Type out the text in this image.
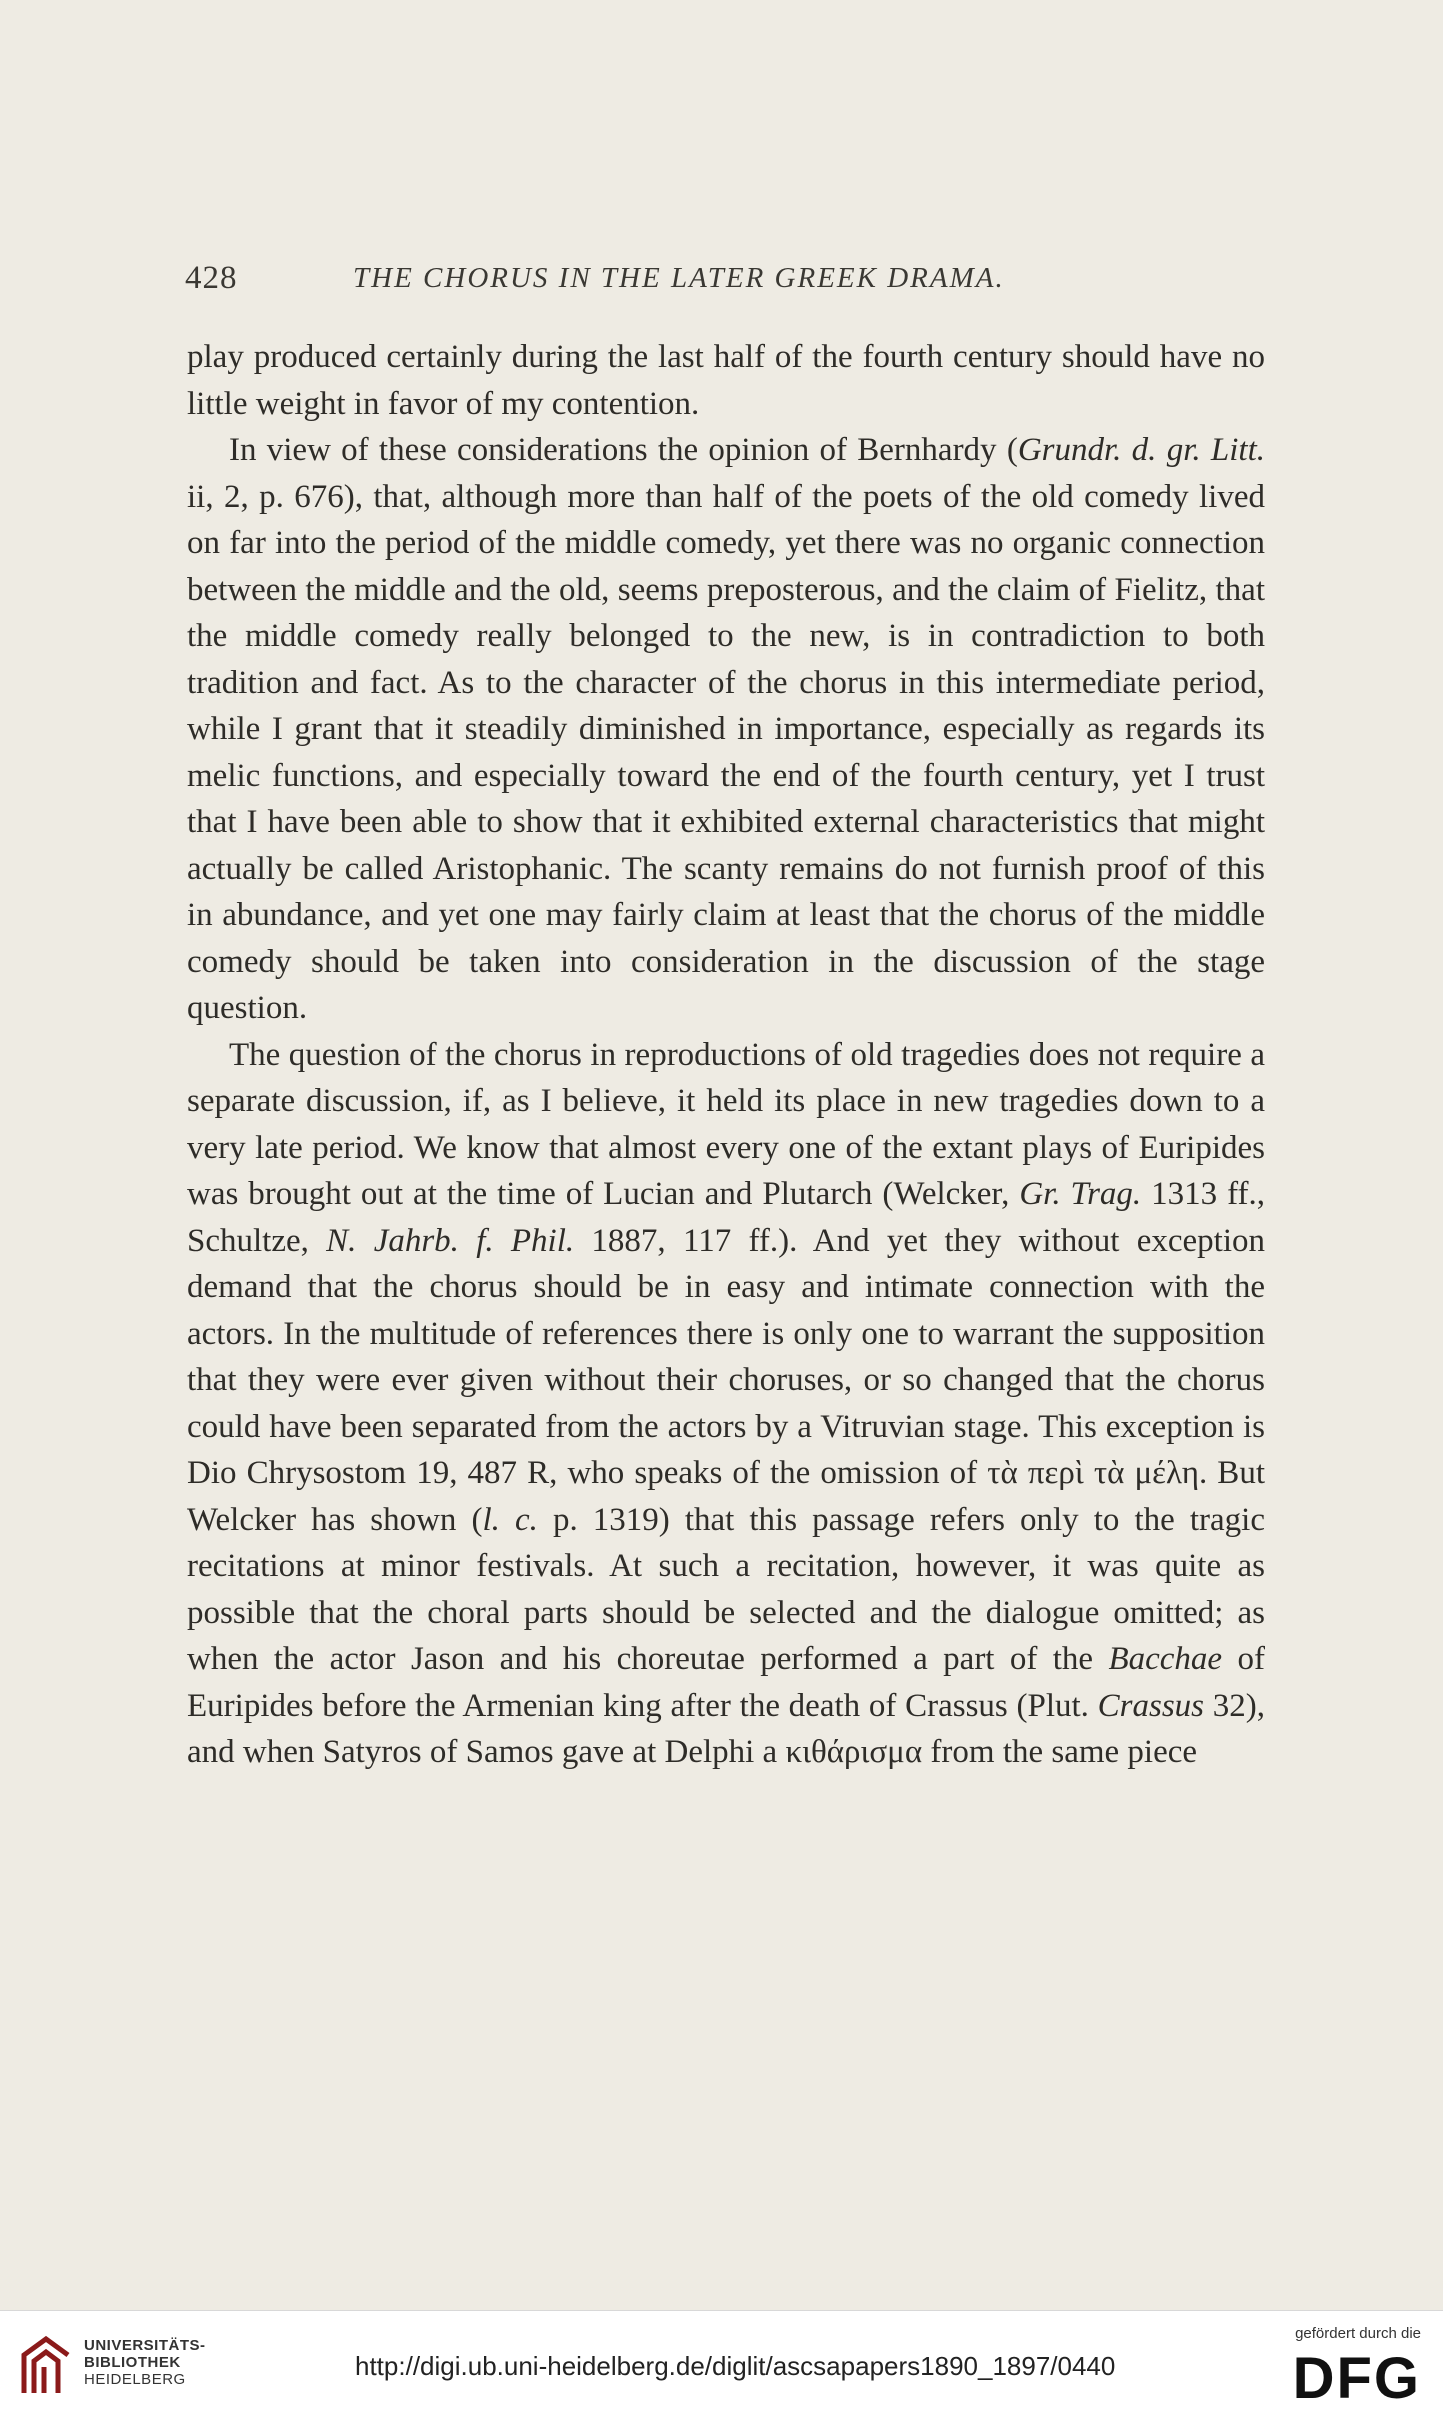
428	THE CHORUS IN THE LATER GREEK DRAMA.

play produced certainly during the last half of the fourth century should have no little weight in favor of my contention.

In view of these considerations the opinion of Bernhardy (Grundr. d. gr. Litt. ii, 2, p. 676), that, although more than half of the poets of the old comedy lived on far into the period of the middle comedy, yet there was no organic connection between the middle and the old, seems preposterous, and the claim of Fielitz, that the middle comedy really belonged to the new, is in contradiction to both tradition and fact. As to the character of the chorus in this intermediate period, while I grant that it steadily diminished in importance, especially as regards its melic functions, and especially toward the end of the fourth century, yet I trust that I have been able to show that it exhibited external characteristics that might actually be called Aristophanic. The scanty remains do not furnish proof of this in abundance, and yet one may fairly claim at least that the chorus of the middle comedy should be taken into consideration in the discussion of the stage question.

The question of the chorus in reproductions of old tragedies does not require a separate discussion, if, as I believe, it held its place in new tragedies down to a very late period. We know that almost every one of the extant plays of Euripides was brought out at the time of Lucian and Plutarch (Welcker, Gr. Trag. 1313 ff., Schultze, N. Jahrb. f. Phil. 1887, 117 ff.). And yet they without exception demand that the chorus should be in easy and intimate connection with the actors. In the multitude of references there is only one to warrant the supposition that they were ever given without their choruses, or so changed that the chorus could have been separated from the actors by a Vitruvian stage. This exception is Dio Chrysostom 19, 487 R, who speaks of the omission of τὰ περὶ τὰ μέλη. But Welcker has shown (l. c. p. 1319) that this passage refers only to the tragic recitations at minor festivals. At such a recitation, however, it was quite as possible that the choral parts should be selected and the dialogue omitted; as when the actor Jason and his choreutae performed a part of the Bacchae of Euripides before the Armenian king after the death of Crassus (Plut. Crassus 32), and when Satyros of Samos gave at Delphi a κιθάρισμα from the same piece

UNIVERSITÄTS-
BIBLIOTHEK
HEIDELBERG	http://digi.ub.uni-heidelberg.de/diglit/ascsapapers1890_1897/0440
gefördert durch die
DFG
